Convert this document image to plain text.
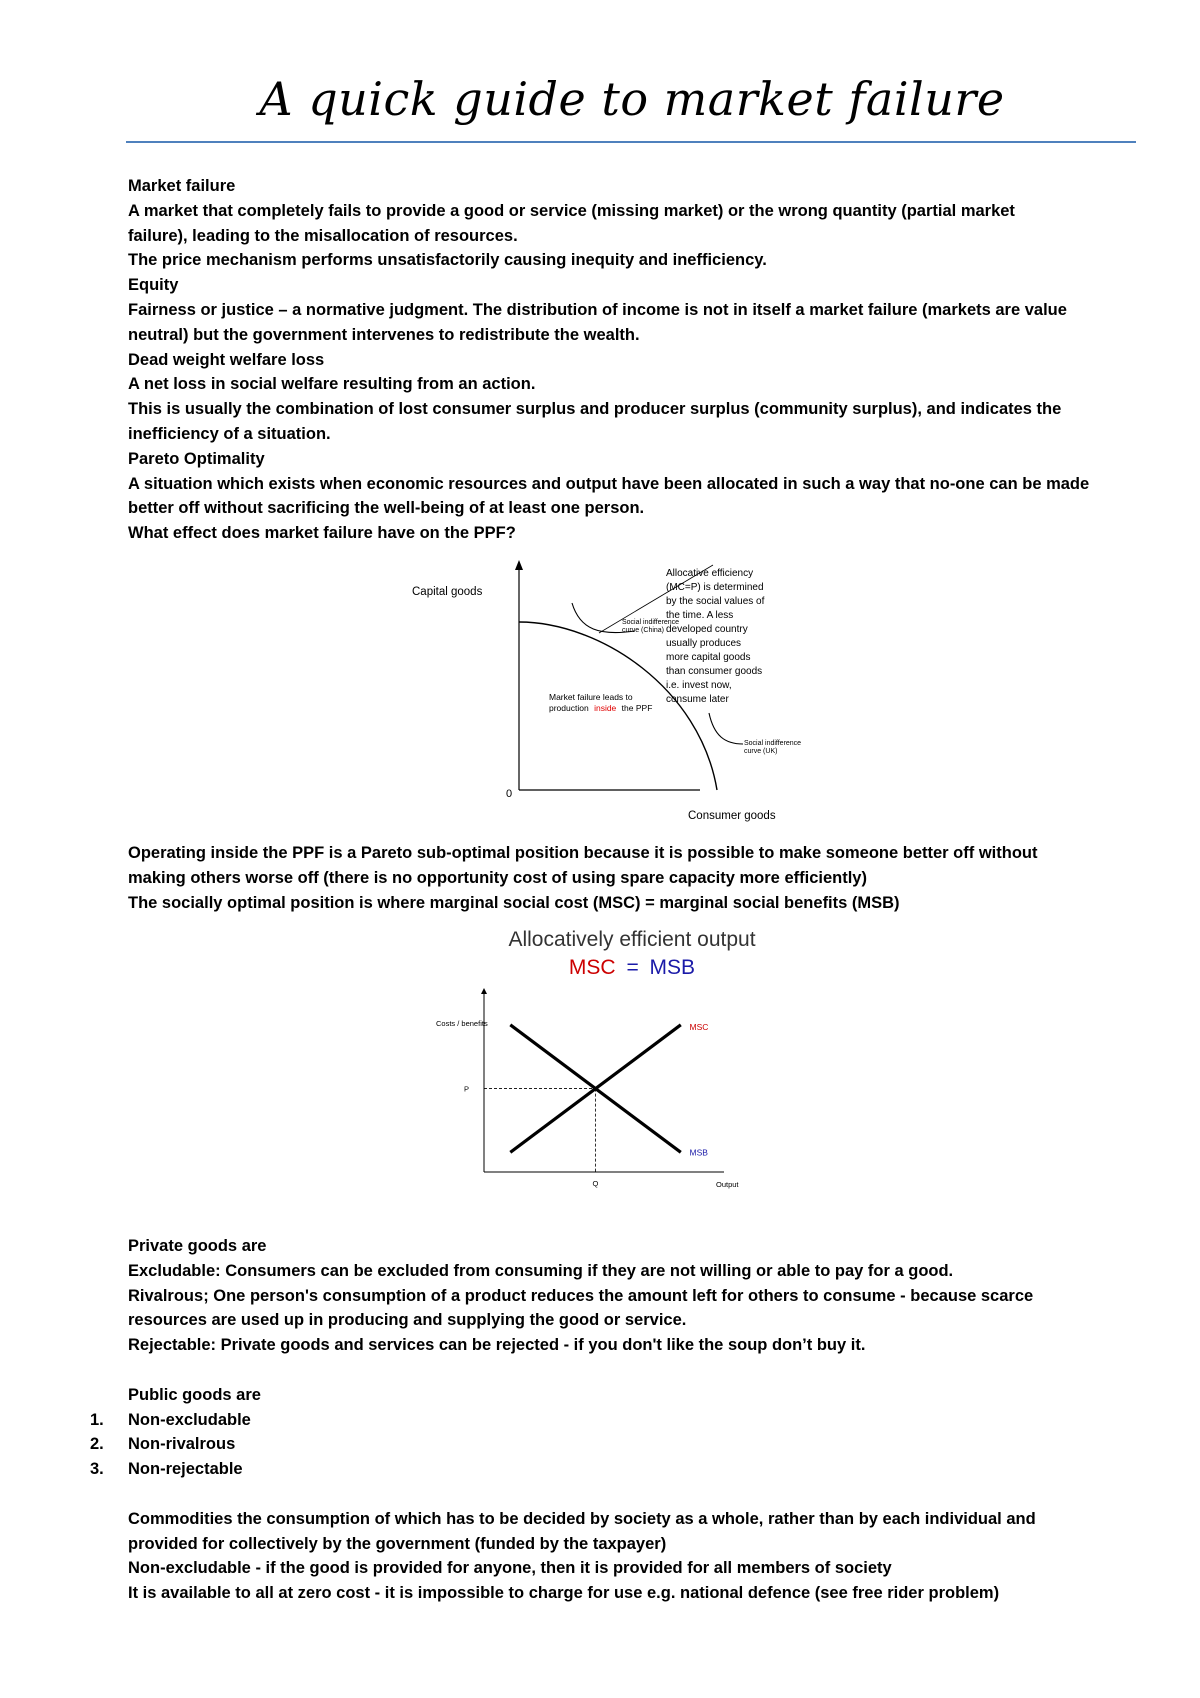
A quick guide to market failure

Market failure

A market that completely fails to provide a good or service (missing market) or the wrong quantity (partial market

failure), leading to the misallocation of resources.

The price mechanism performs unsatisfactorily causing inequity and inefficiency.

Equity

Fairness or justice – a normative judgment. The distribution of income is not in itself a market failure (markets are value

neutral) but the government intervenes to redistribute the wealth.

Dead weight welfare loss

A net loss in social welfare resulting from an action.

This is usually the combination of lost consumer surplus and producer surplus (community surplus), and indicates the

inefficiency of a situation.

Pareto Optimality

A situation which exists when economic resources and output have been allocated in such a way that no-one can be made

better off without sacrificing the well-being of at least one person.

What effect does market failure have on the PPF?

Capital goods
Consumer goods
0
Social indifference curve (China)
Social indifference curve (UK)
Market failure leads to production inside the PPF
Allocative efficiency (MC=P) is determined by the social values of the time. A less developed country usually produces more capital goods than consumer goods i.e. invest now, consume later

Operating inside the PPF is a Pareto sub-optimal position because it is possible to make someone better off without

making others worse off (there is no opportunity cost of using spare capacity more efficiently)

The socially optimal position is where marginal social cost (MSC) = marginal social benefits (MSB)

Allocatively efficient output
MSC = MSB
MSC
MSB
P
Q
Costs / benefits
Output

Private goods are

Excludable: Consumers can be excluded from consuming if they are not willing or able to pay for a good.

Rivalrous; One person's consumption of a product reduces the amount left for others to consume - because scarce

resources are used up in producing and supplying the good or service.

Rejectable: Private goods and services can be rejected - if you don't like the soup don’t buy it.

Public goods are

1. Non-excludable
2. Non-rivalrous
3. Non-rejectable

Commodities the consumption of which has to be decided by society as a whole, rather than by each individual and

provided for collectively by the government (funded by the taxpayer)

Non-excludable - if the good is provided for anyone, then it is provided for all members of society

It is available to all at zero cost - it is impossible to charge for use e.g. national defence (see free rider problem)
